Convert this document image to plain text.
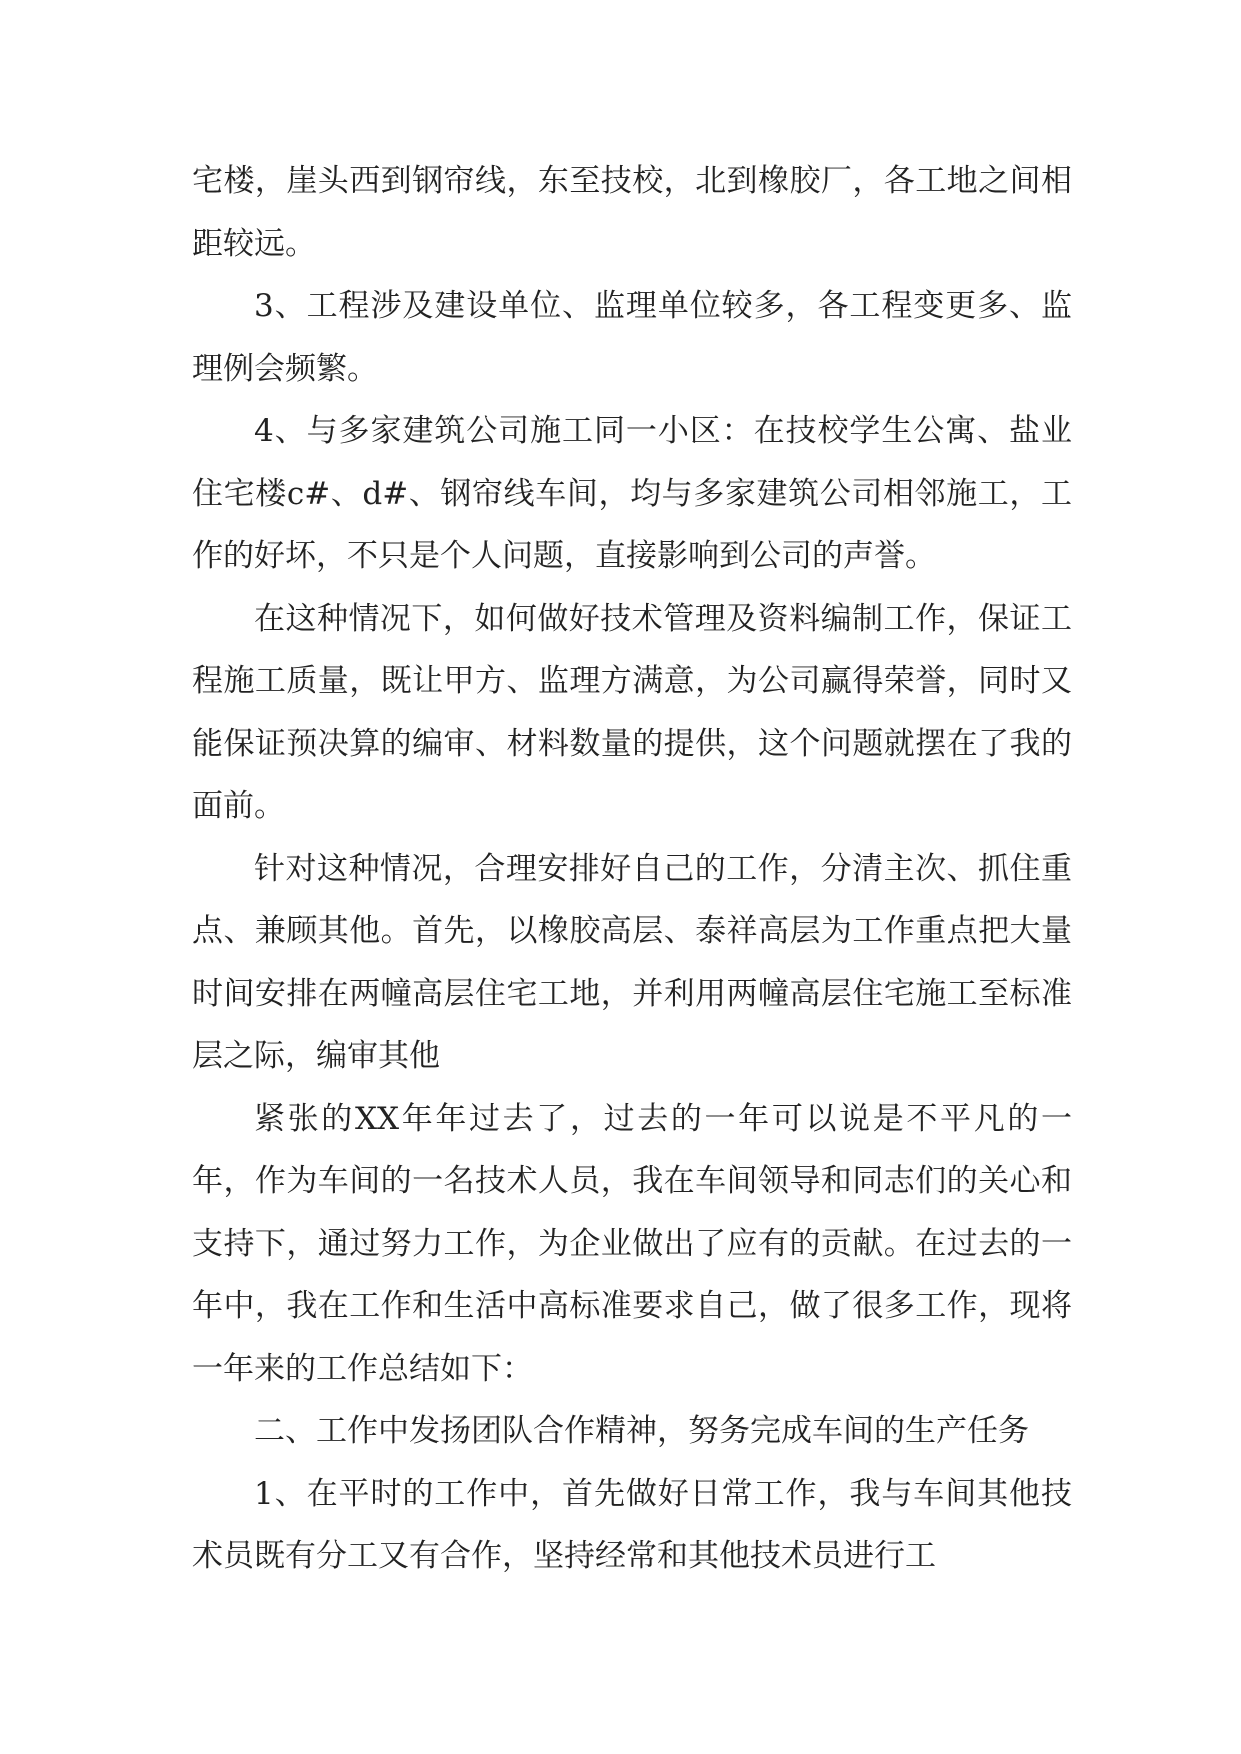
宅楼，崖头西到钢帘线，东至技校，北到橡胶厂，各工地之间相距较远。

3、工程涉及建设单位、监理单位较多，各工程变更多、监理例会频繁。

4、与多家建筑公司施工同一小区：在技校学生公寓、盐业住宅楼c#、d#、钢帘线车间，均与多家建筑公司相邻施工，工作的好坏，不只是个人问题，直接影响到公司的声誉。

在这种情况下，如何做好技术管理及资料编制工作，保证工程施工质量，既让甲方、监理方满意，为公司赢得荣誉，同时又能保证预决算的编审、材料数量的提供，这个问题就摆在了我的面前。

针对这种情况，合理安排好自己的工作，分清主次、抓住重点、兼顾其他。首先，以橡胶高层、泰祥高层为工作重点把大量时间安排在两幢高层住宅工地，并利用两幢高层住宅施工至标准层之际，编审其他

紧张的XX年年过去了，过去的一年可以说是不平凡的一年，作为车间的一名技术人员，我在车间领导和同志们的关心和支持下，通过努力工作，为企业做出了应有的贡献。在过去的一年中，我在工作和生活中高标准要求自己，做了很多工作，现将一年来的工作总结如下：

二、工作中发扬团队合作精神，努务完成车间的生产任务

1、在平时的工作中，首先做好日常工作，我与车间其他技术员既有分工又有合作，坚持经常和其他技术员进行工
